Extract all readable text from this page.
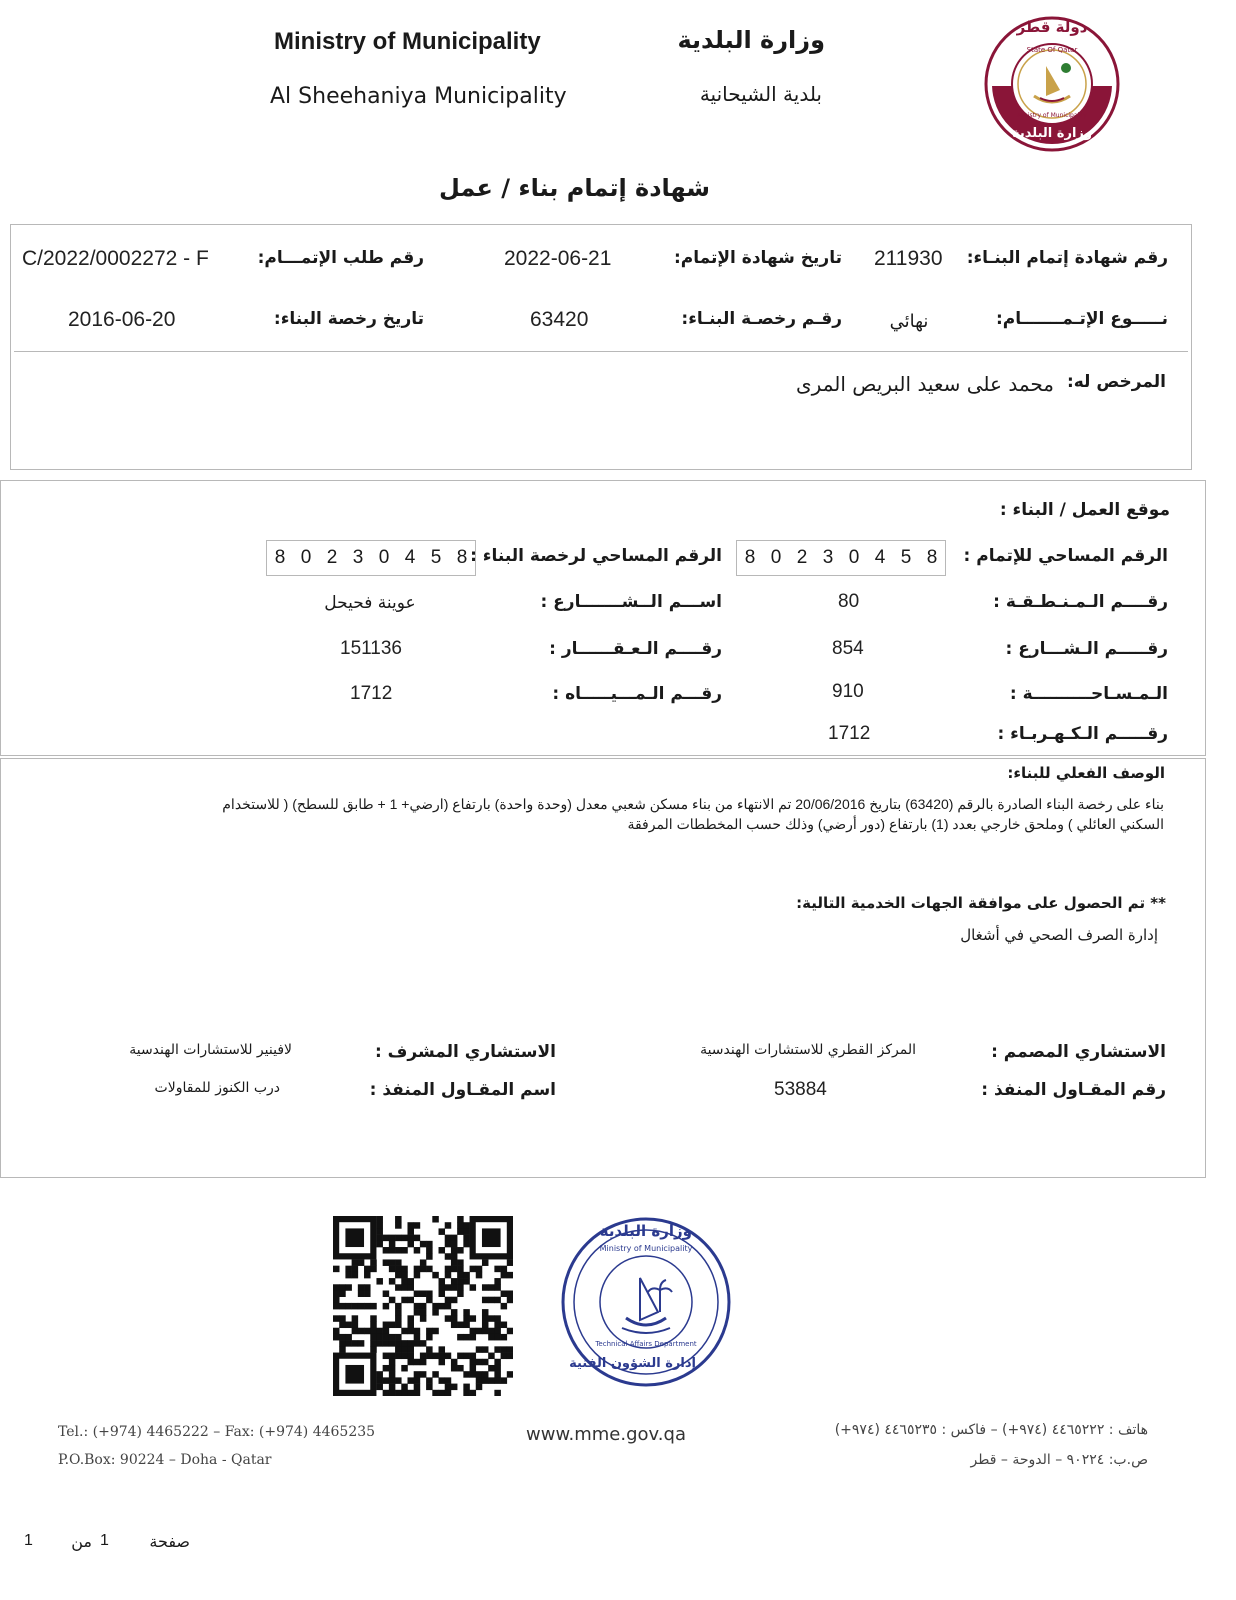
Ministry of Municipality
Al Sheehaniya Municipality
وزارة البلدية
بلدية الشيحانية
دولة قطر
State Of Qatar
Ministry of Municipality
وزارة البلدية
شهادة إتمام بناء / عمل
رقم شهادة إتمام البنـاء:
211930
تاريخ شهادة الإتمام:
2022-06-21
رقم طلب الإتمـــام:
C/2022/0002272 - F
نـــــوع الإتـمـــــــام:
نهائي
رقـم رخصـة البنـاء:
63420
تاريخ رخصة البناء:
2016-06-20
المرخص له:
محمد على سعيد البريص المرى
موقع العمل / البناء :
الرقم المساحي للإتمام :
8 0 2 3 0 4 5 8
الرقم المساحي لرخصة البناء :
8 0 2 3 0 4 5 8
رقــــم الـمـنـطـقـة :
80
اســـم الــشـــــــارع :
عوينة فحيحل
رقـــــم الـشـــارع :
854
رقــــم الـعـقــــــار :
151136
الـمـسـاحــــــــــة :
910
رقـــم الـمـــيـــــاه :
1712
رقـــــم الـكـهـربـاء :
1712
الوصف الفعلي للبناء:
بناء على رخصة البناء الصادرة بالرقم (63420) بتاريخ 20/06/2016 تم الانتهاء من بناء مسكن شعبي معدل (وحدة واحدة) بارتفاع (ارضي+ 1 + طابق للسطح) ( للاستخدام
السكني العائلي ) وملحق خارجي بعدد (1) بارتفاع (دور أرضي) وذلك حسب المخططات المرفقة
** تم الحصول على موافقة الجهات الخدمية التالية:
إدارة الصرف الصحي في أشغال
الاستشاري المصمم :
المركز القطري للاستشارات الهندسية
الاستشاري المشرف :
لافينير للاستشارات الهندسية
رقم المقـاول المنفذ :
53884
اسم المقـاول المنفذ :
درب الكنوز للمقاولات
وزارة البلدية
Ministry of Municipality
Technical Affairs Department
إدارة الشؤون الفنية
Tel.: (+974) 4465222 – Fax: (+974) 4465235
P.O.Box: 90224 – Doha - Qatar
www.mme.gov.qa	هاتف : ٤٤٦٥٢٢٢ (٩٧٤+) – فاكس : ٤٤٦٥٢٣٥ (٩٧٤+)
ص.ب: ٩٠٢٢٤ – الدوحة – قطر
صفحة
1
من
1
